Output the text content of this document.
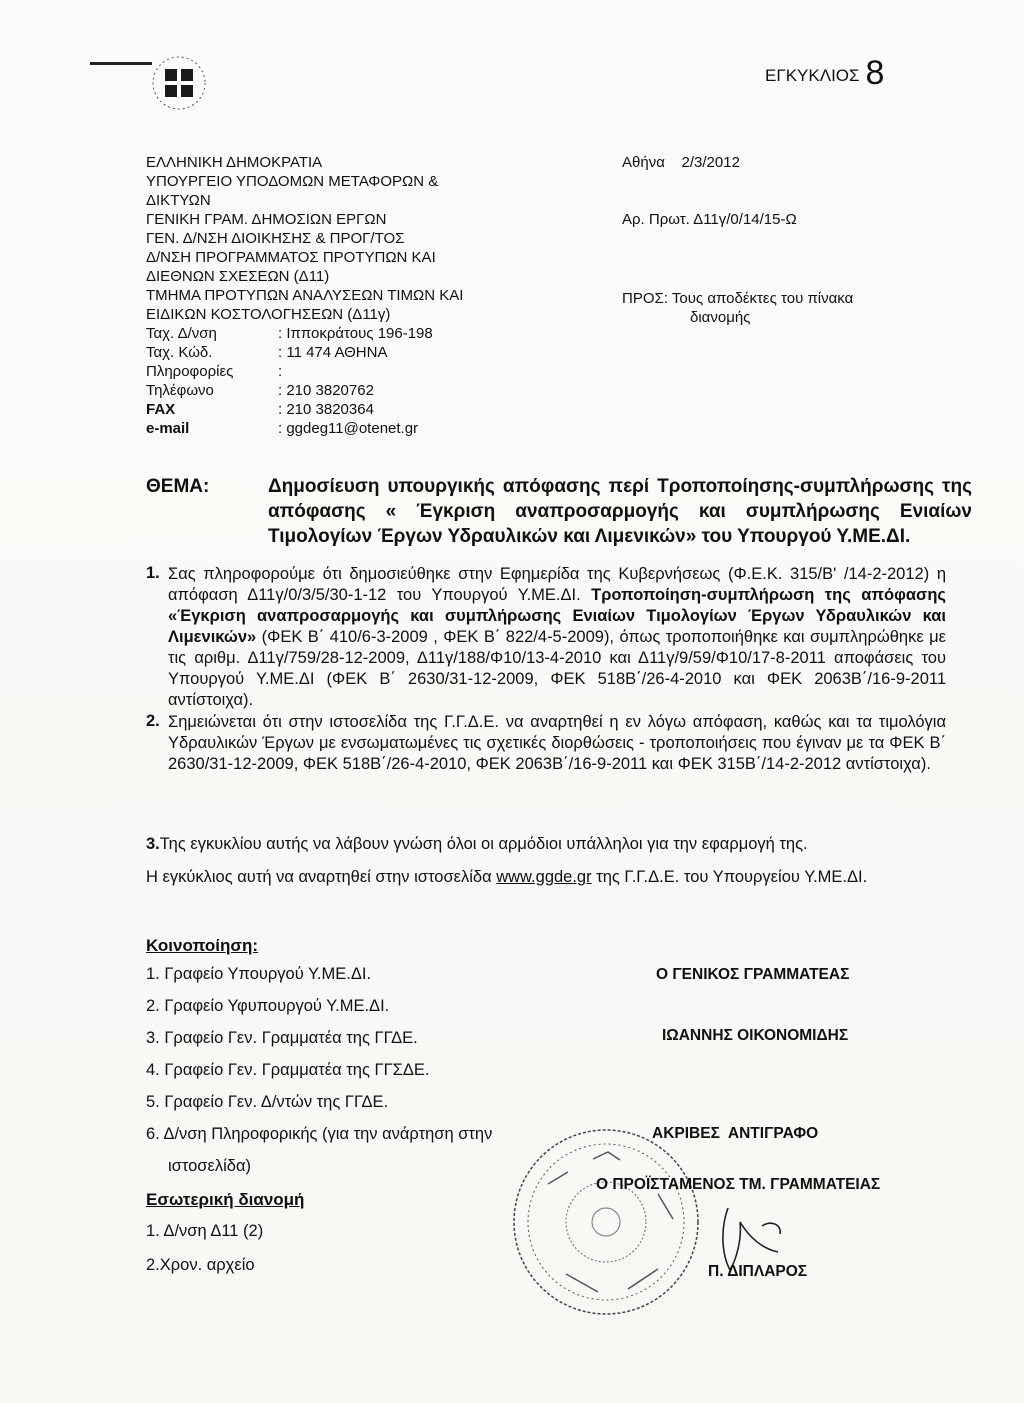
ΕΓΚΥΚΛΙΟΣ 8
ΕΛΛΗΝΙΚΗ ΔΗΜΟΚΡΑΤΙΑ
ΥΠΟΥΡΓΕΙΟ ΥΠΟΔΟΜΩΝ ΜΕΤΑΦΟΡΩΝ &
ΔΙΚΤΥΩΝ
ΓΕΝΙΚΗ ΓΡΑΜ. ΔΗΜΟΣΙΩΝ ΕΡΓΩΝ
ΓΕΝ. Δ/ΝΣΗ ΔΙΟΙΚΗΣΗΣ & ΠΡΟΓ/ΤΟΣ
Δ/ΝΣΗ ΠΡΟΓΡΑΜΜΑΤΟΣ ΠΡΟΤΥΠΩΝ ΚΑΙ
ΔΙΕΘΝΩΝ ΣΧΕΣΕΩΝ (Δ11)
ΤΜΗΜΑ ΠΡΟΤΥΠΩΝ ΑΝΑΛΥΣΕΩΝ ΤΙΜΩΝ ΚΑΙ
ΕΙΔΙΚΩΝ ΚΟΣΤΟΛΟΓΗΣΕΩΝ (Δ11γ)
Ταχ. Δ/νση	: Ιπποκράτους 196-198
Ταχ. Κώδ.	: 11 474 ΑΘΗΝΑ
Πληροφορίες	:
Τηλέφωνο	: 210 3820762
FAX	: 210 3820364
e-mail	: ggdeg11@otenet.gr
Αθήνα    2/3/2012
Αρ. Πρωτ. Δ11γ/0/14/15-Ω
ΠΡΟΣ: Τους αποδέκτες του πίνακα
διανομής
ΘΕΜΑ:	Δημοσίευση υπουργικής απόφασης περί Τροποποίησης-συμπλήρωσης της απόφασης « Έγκριση αναπροσαρμογής και συμπλήρωσης Ενιαίων Τιμολογίων Έργων Υδραυλικών και Λιμενικών» του Υπουργού Υ.ΜΕ.ΔΙ.
1. Σας πληροφορούμε ότι δημοσιεύθηκε στην Εφημερίδα της Κυβερνήσεως (Φ.Ε.Κ. 315/Β' /14-2-2012) η απόφαση Δ11γ/0/3/5/30-1-12 του Υπουργού Υ.ΜΕ.ΔΙ. Τροποποίηση-συμπλήρωση της απόφασης «Έγκριση αναπροσαρμογής και συμπλήρωσης Ενιαίων Τιμολογίων Έργων Υδραυλικών και Λιμενικών» (ΦΕΚ Β΄ 410/6-3-2009 , ΦΕΚ Β΄ 822/4-5-2009), όπως τροποποιήθηκε και συμπληρώθηκε με τις αριθμ. Δ11γ/759/28-12-2009, Δ11γ/188/Φ10/13-4-2010 και Δ11γ/9/59/Φ10/17-8-2011 αποφάσεις του Υπουργού Υ.ΜΕ.ΔΙ (ΦΕΚ Β΄ 2630/31-12-2009, ΦΕΚ 518Β΄/26-4-2010 και ΦΕΚ 2063Β΄/16-9-2011 αντίστοιχα).
2. Σημειώνεται ότι στην ιστοσελίδα της Γ.Γ.Δ.Ε. να αναρτηθεί η εν λόγω απόφαση, καθώς και τα τιμολόγια Υδραυλικών Έργων με ενσωματωμένες τις σχετικές διορθώσεις - τροποποιήσεις που έγιναν με τα ΦΕΚ Β΄ 2630/31-12-2009, ΦΕΚ 518Β΄/26-4-2010, ΦΕΚ 2063Β΄/16-9-2011 και ΦΕΚ 315Β΄/14-2-2012 αντίστοιχα).
3.Της εγκυκλίου αυτής να λάβουν γνώση όλοι οι αρμόδιοι υπάλληλοι για την εφαρμογή της.
Η εγκύκλιος αυτή να αναρτηθεί στην ιστοσελίδα www.ggde.gr της Γ.Γ.Δ.Ε. του Υπουργείου Υ.ΜΕ.ΔΙ.
Κοινοποίηση:
1. Γραφείο Υπουργού Υ.ΜΕ.ΔΙ.
2. Γραφείο Υφυπουργού Υ.ΜΕ.ΔΙ.
3. Γραφείο Γεν. Γραμματέα της ΓΓΔΕ.
4. Γραφείο Γεν. Γραμματέα της ΓΓΣΔΕ.
5. Γραφείο Γεν. Δ/ντών της ΓΓΔΕ.
6. Δ/νση Πληροφορικής (για την ανάρτηση στην
ιστοσελίδα)
Εσωτερική διανομή
1. Δ/νση Δ11 (2)
2.Χρον. αρχείο
Ο ΓΕΝΙΚΟΣ ΓΡΑΜΜΑΤΕΑΣ
ΙΩΑΝΝΗΣ ΟΙΚΟΝΟΜΙΔΗΣ
ΑΚΡΙΒΕΣ  ΑΝΤΙΓΡΑΦΟ
Ο ΠΡΟΪΣΤΑΜΕΝΟΣ ΤΜ. ΓΡΑΜΜΑΤΕΙΑΣ
Π. ΔΙΠΛΑΡΟΣ
